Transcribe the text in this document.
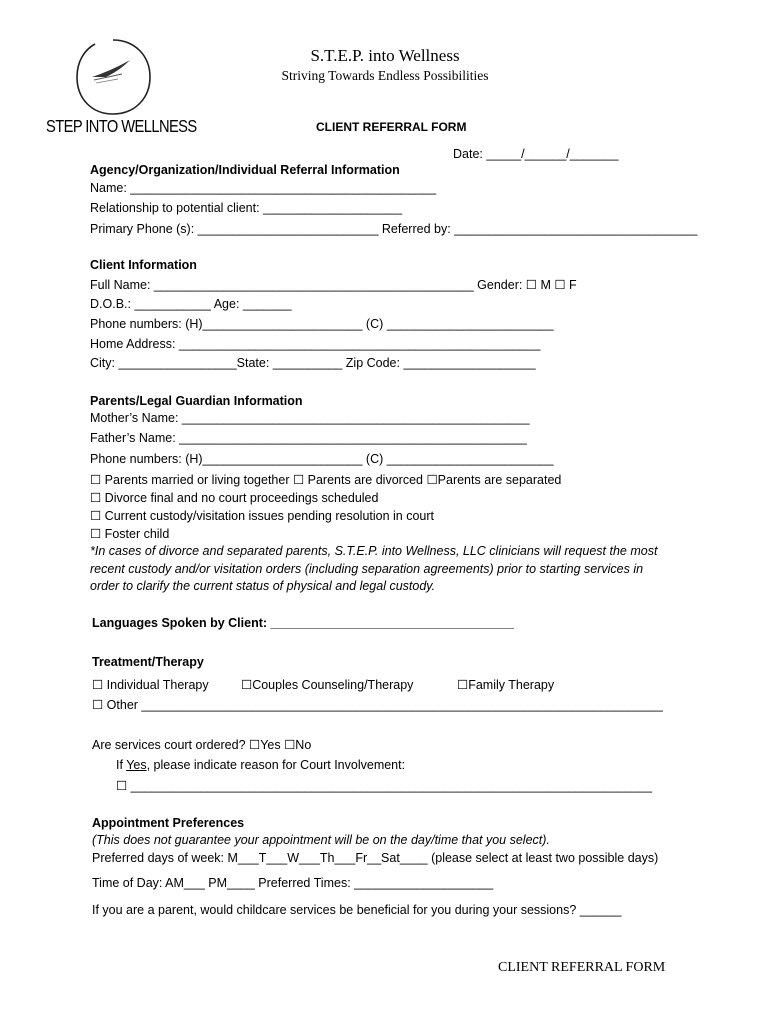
STEP INTO WELLNESS
S.T.E.P. into Wellness
Striving Towards Endless Possibilities
CLIENT REFERRAL FORM
Date: _____/______/_______
Agency/Organization/Individual Referral Information
Name: ____________________________________________
Relationship to potential client: ____________________
Primary Phone (s): __________________________ Referred by: ___________________________________
Client Information
Full Name: ______________________________________________ Gender: ☐ M ☐ F
D.O.B.: ___________ Age: _______
Phone numbers: (H)_______________________ (C) ________________________
Home Address: ____________________________________________________
City: _________________State: __________ Zip Code: ___________________
Parents/Legal Guardian Information
Mother’s Name: __________________________________________________
Father’s Name: __________________________________________________
Phone numbers: (H)_______________________ (C) ________________________
☐ Parents married or living together ☐ Parents are divorced ☐Parents are separated
☐ Divorce final and no court proceedings scheduled
☐ Current custody/visitation issues pending resolution in court
☐ Foster child
*In cases of divorce and separated parents, S.T.E.P. into Wellness, LLC clinicians will request the most
recent custody and/or visitation orders (including separation agreements) prior to starting services in
order to clarify the current status of physical and legal custody.
Languages Spoken by Client: ___________________________________
Treatment/Therapy
☐ Individual Therapy	☐Couples Counseling/Therapy	☐Family Therapy
☐ Other ___________________________________________________________________________
Are services court ordered? ☐Yes ☐No
If Yes, please indicate reason for Court Involvement:
☐ ___________________________________________________________________________
Appointment Preferences
(This does not guarantee your appointment will be on the day/time that you select).
Preferred days of week: M___T___W___Th___Fr__Sat____ (please select at least two possible days)
Time of Day: AM___ PM____ Preferred Times: ____________________
If you are a parent, would childcare services be beneficial for you during your sessions? ______
CLIENT REFERRAL FORM
